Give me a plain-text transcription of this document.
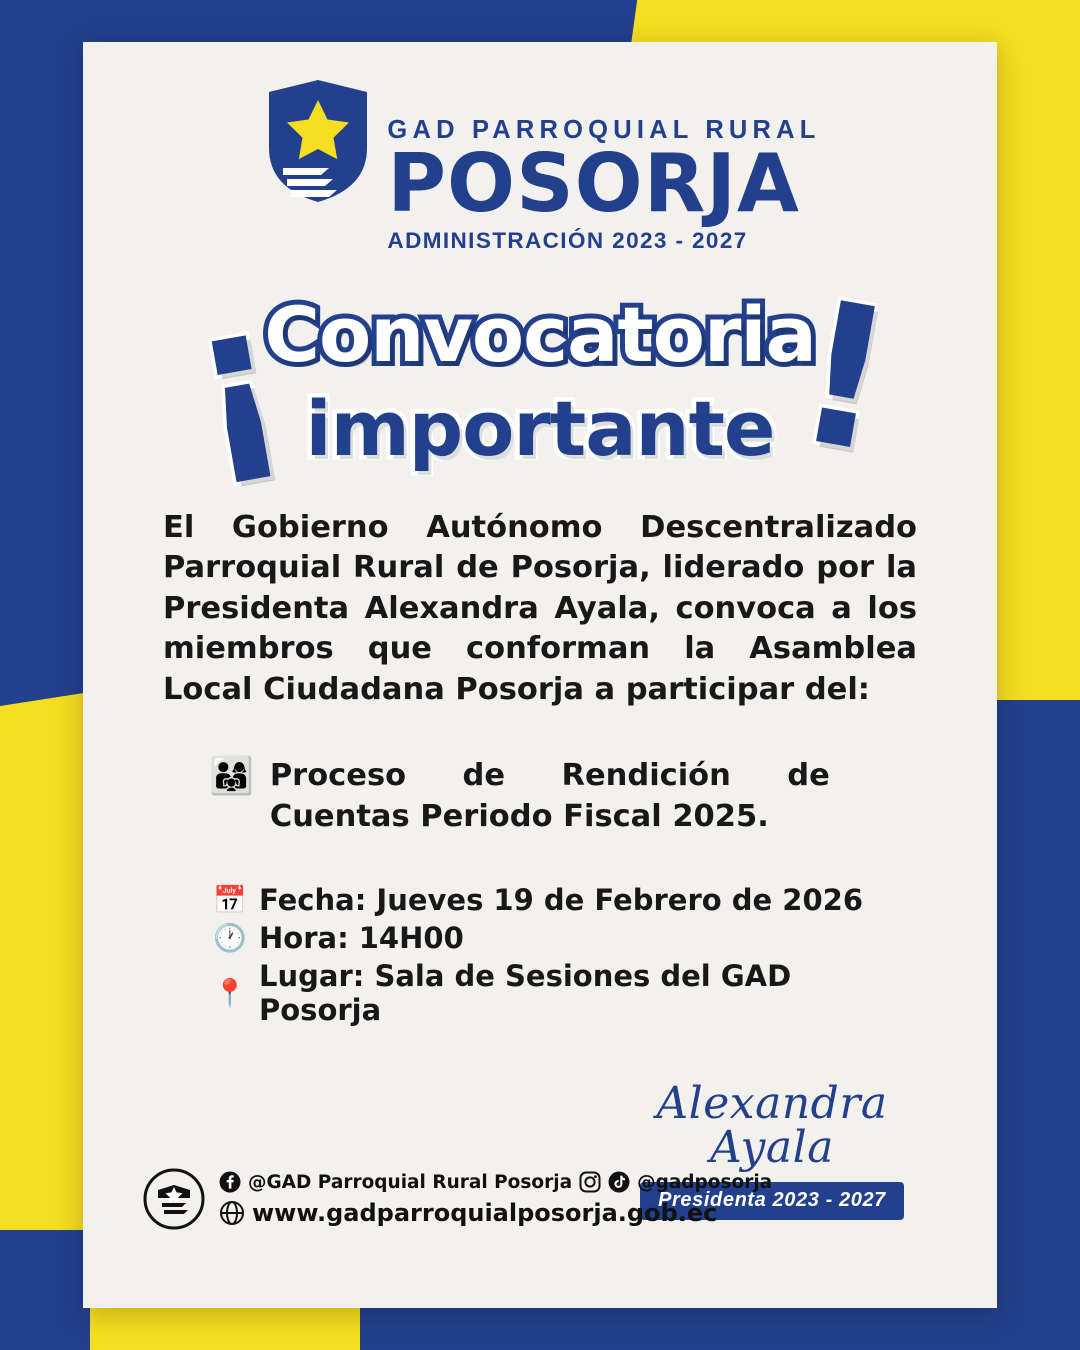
GAD PARROQUIAL RURAL
POSORJA
ADMINISTRACIÓN 2023 - 2027
¡ !
Convocatoria
importante

El Gobierno Autónomo Descentralizado Parroquial Rural de Posorja, liderado por la Presidenta Alexandra Ayala, convoca a los miembros que conforman la Asamblea Local Ciudadana Posorja a participar del:

👨‍👩‍👧 Proceso de Rendición de Cuentas Periodo Fiscal 2025.
📅 Fecha: Jueves 19 de Febrero de 2026
🕐 Hora: 14H00
📍 Lugar: Sala de Sesiones del GAD Posorja
Alexandra Ayala
Presidenta 2023 - 2027
@GAD Parroquial Rural Posorja	@gadposorja
www.gadparroquialposorja.gob.ec
